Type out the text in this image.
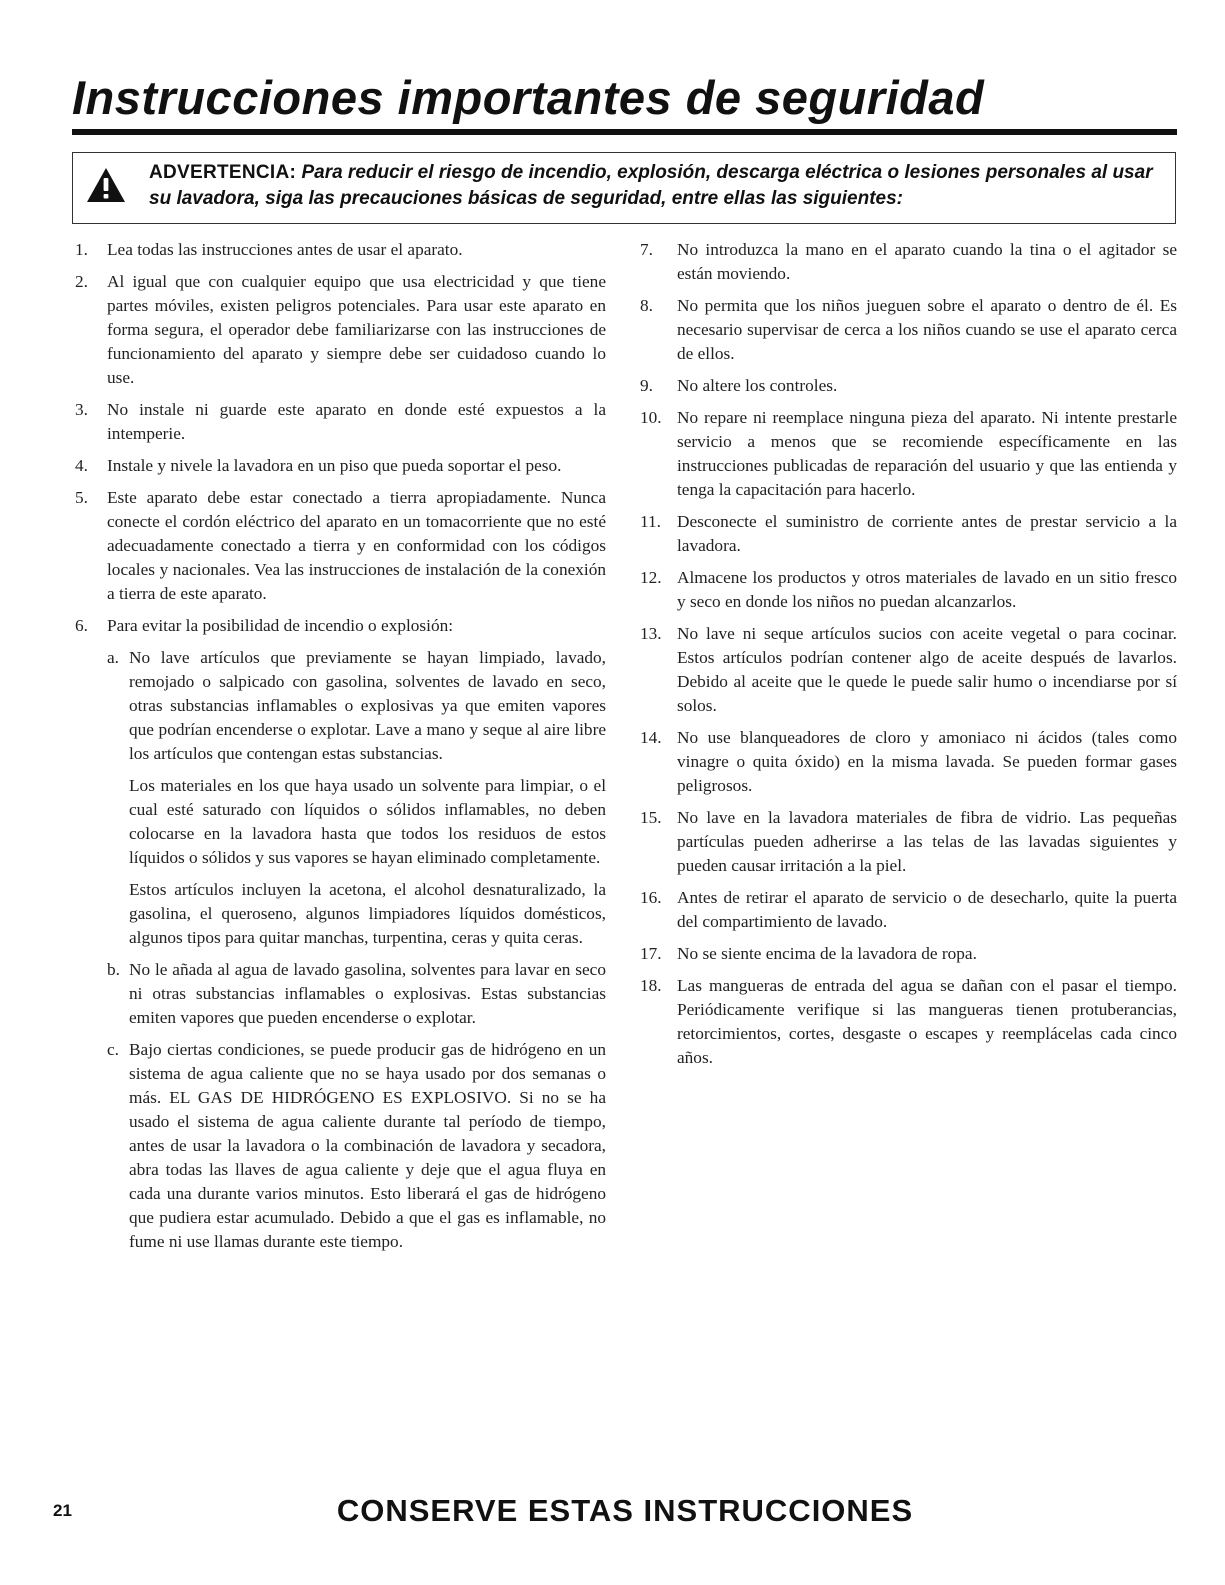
Instrucciones importantes de seguridad
ADVERTENCIA: Para reducir el riesgo de incendio, explosión, descarga eléctrica o lesiones personales al usar su lavadora, siga las precauciones básicas de seguridad, entre ellas las siguientes:
1. Lea todas las instrucciones antes de usar el aparato.
2. Al igual que con cualquier equipo que usa electricidad y que tiene partes móviles, existen peligros potenciales. Para usar este aparato en forma segura, el operador debe familiarizarse con las instrucciones de funcionamiento del aparato y siempre debe ser cuidadoso cuando lo use.
3. No instale ni guarde este aparato en donde esté expuestos a la intemperie.
4. Instale y nivele la lavadora en un piso que pueda soportar el peso.
5. Este aparato debe estar conectado a tierra apropiadamente. Nunca conecte el cordón eléctrico del aparato en un tomacorriente que no esté adecuadamente conectado a tierra y en conformidad con los códigos locales y nacionales. Vea las instrucciones de instalación de la conexión a tierra de este aparato.
6. Para evitar la posibilidad de incendio o explosión:
a. No lave artículos que previamente se hayan limpiado, lavado, remojado o salpicado con gasolina, solventes de lavado en seco, otras substancias inflamables o explosivas ya que emiten vapores que podrían encenderse o explotar. Lave a mano y seque al aire libre los artículos que contengan estas substancias.
Los materiales en los que haya usado un solvente para limpiar, o el cual esté saturado con líquidos o sólidos inflamables, no deben colocarse en la lavadora hasta que todos los residuos de estos líquidos o sólidos y sus vapores se hayan eliminado completamente.
Estos artículos incluyen la acetona, el alcohol desnaturalizado, la gasolina, el queroseno, algunos limpiadores líquidos domésticos, algunos tipos para quitar manchas, turpentina, ceras y quita ceras.
b. No le añada al agua de lavado gasolina, solventes para lavar en seco ni otras substancias inflamables o explosivas. Estas substancias emiten vapores que pueden encenderse o explotar.
c. Bajo ciertas condiciones, se puede producir gas de hidrógeno en un sistema de agua caliente que no se haya usado por dos semanas o más. EL GAS DE HIDRÓGENO ES EXPLOSIVO. Si no se ha usado el sistema de agua caliente durante tal período de tiempo, antes de usar la lavadora o la combinación de lavadora y secadora, abra todas las llaves de agua caliente y deje que el agua fluya en cada una durante varios minutos. Esto liberará el gas de hidrógeno que pudiera estar acumulado. Debido a que el gas es inflamable, no fume ni use llamas durante este tiempo.
7. No introduzca la mano en el aparato cuando la tina o el agitador se están moviendo.
8. No permita que los niños jueguen sobre el aparato o dentro de él. Es necesario supervisar de cerca a los niños cuando se use el aparato cerca de ellos.
9. No altere los controles.
10. No repare ni reemplace ninguna pieza del aparato. Ni intente prestarle servicio a menos que se recomiende específicamente en las instrucciones publicadas de reparación del usuario y que las entienda y tenga la capacitación para hacerlo.
11. Desconecte el suministro de corriente antes de prestar servicio a la lavadora.
12. Almacene los productos y otros materiales de lavado en un sitio fresco y seco en donde los niños no puedan alcanzarlos.
13. No lave ni seque artículos sucios con aceite vegetal o para cocinar. Estos artículos podrían contener algo de aceite después de lavarlos. Debido al aceite que le quede le puede salir humo o incendiarse por sí solos.
14. No use blanqueadores de cloro y amoniaco ni ácidos (tales como vinagre o quita óxido) en la misma lavada. Se pueden formar gases peligrosos.
15. No lave en la lavadora materiales de fibra de vidrio. Las pequeñas partículas pueden adherirse a las telas de las lavadas siguientes y pueden causar irritación a la piel.
16. Antes de retirar el aparato de servicio o de desecharlo, quite la puerta del compartimiento de lavado.
17. No se siente encima de la lavadora de ropa.
18. Las mangueras de entrada del agua se dañan con el pasar el tiempo. Periódicamente verifique si las mangueras tienen protuberancias, retorcimientos, cortes, desgaste o escapes y reemplácelas cada cinco años.
21	CONSERVE ESTAS INSTRUCCIONES
